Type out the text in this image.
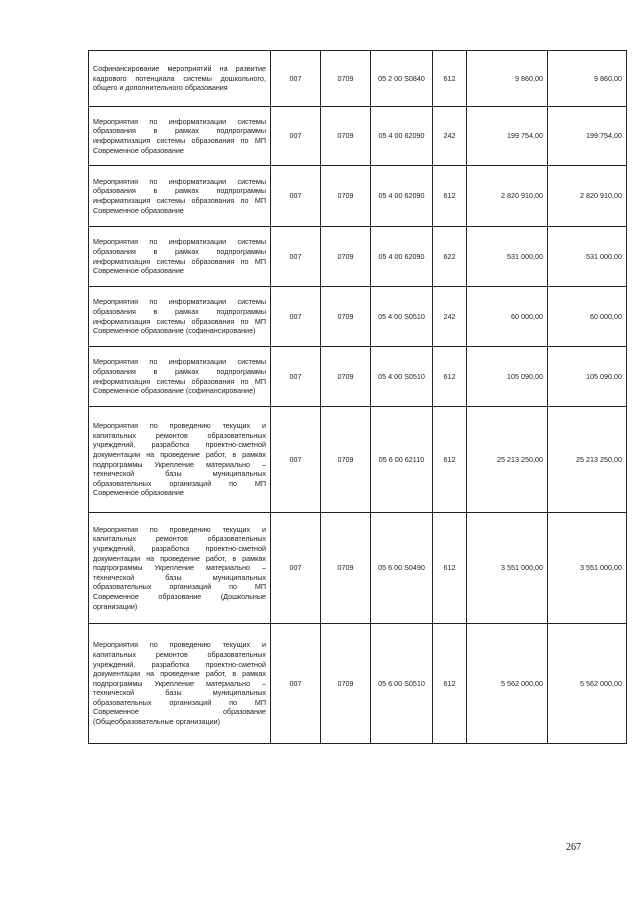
Софинансирование мероприятий на развитие кадрового потенциала системы дошкольного, общего и дополнительного образования	007	0709	05 2 00 S0840	612	9 860,00	9 860,00
Мероприятия по информатизации системы образования в рамках подпрограммы информатизация системы образования по МП Современное образование	007	0709	05 4 00 62090	242	199 754,00	199 754,00
Мероприятия по информатизации системы образования в рамках подпрограммы информатизация системы образования по МП Современное образование	007	0709	05 4 00 62090	612	2 820 910,00	2 820 910,00
Мероприятия по информатизации системы образования в рамках подпрограммы информатизация системы образования по МП Современное образование	007	0709	05 4 00 62090	622	531 000,00	531 000,00
Мероприятия по информатизации системы образования в рамках подпрограммы информатизация системы образования по МП Современное образование (софинансирование)	007	0709	05 4 00 S0510	242	60 000,00	60 000,00
Мероприятия по информатизации системы образования в рамках подпрограммы информатизация системы образования по МП Современное образование (софинансирование)	007	0709	05 4 00 S0510	612	105 090,00	105 090,00
Мероприятия по проведению текущих и капитальных ремонтов образовательных учреждений, разработка проектно-сметной документации на проведение работ, в рамках подпрограммы Укрепление материально – технической базы муниципальных образовательных организаций по МП Современное образование	007	0709	05 6 00 62110	612	25 213 250,00	25 213 250,00
Мероприятия по проведению текущих и капитальных ремонтов образовательных учреждений, разработка проектно-сметной документации на проведение работ, в рамках подпрограммы Укрепление материально – технической базы муниципальных образовательных организаций по МП Современное образование (Дошкольные организации)	007	0709	05 6 00 S0490	612	3 551 000,00	3 551 000,00
Мероприятия по проведению текущих и капитальных ремонтов образовательных учреждений, разработка проектно-сметной документации на проведение работ, в рамках подпрограммы Укрепление материально – технической базы муниципальных образовательных организаций по МП Современное образование (Общеобразовательные организации)	007	0709	05 6 00 S0510	612	5 562 000,00	5 562 000,00
267
